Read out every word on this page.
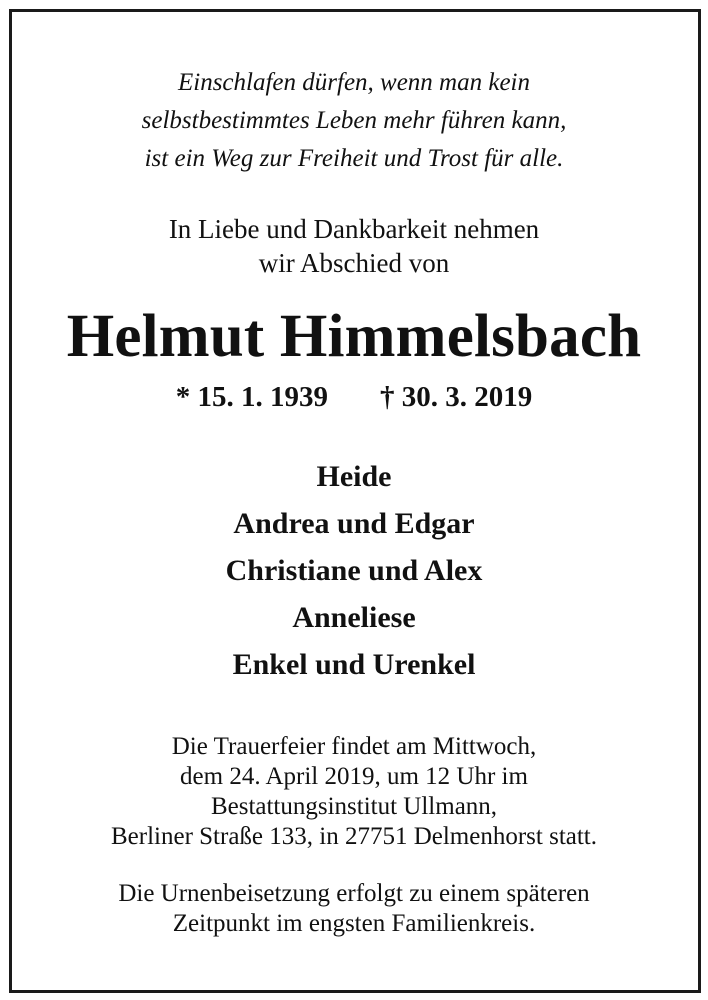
Einschlafen dürfen, wenn man kein
selbstbestimmtes Leben mehr führen kann,
ist ein Weg zur Freiheit und Trost für alle.
In Liebe und Dankbarkeit nehmen
wir Abschied von
Helmut Himmelsbach
* 15. 1. 1939 † 30. 3. 2019
Heide
Andrea und Edgar
Christiane und Alex
Anneliese
Enkel und Urenkel
Die Trauerfeier findet am Mittwoch,
dem 24. April 2019, um 12 Uhr im
Bestattungsinstitut Ullmann,
Berliner Straße 133, in 27751 Delmenhorst statt.
Die Urnenbeisetzung erfolgt zu einem späteren
Zeitpunkt im engsten Familienkreis.
